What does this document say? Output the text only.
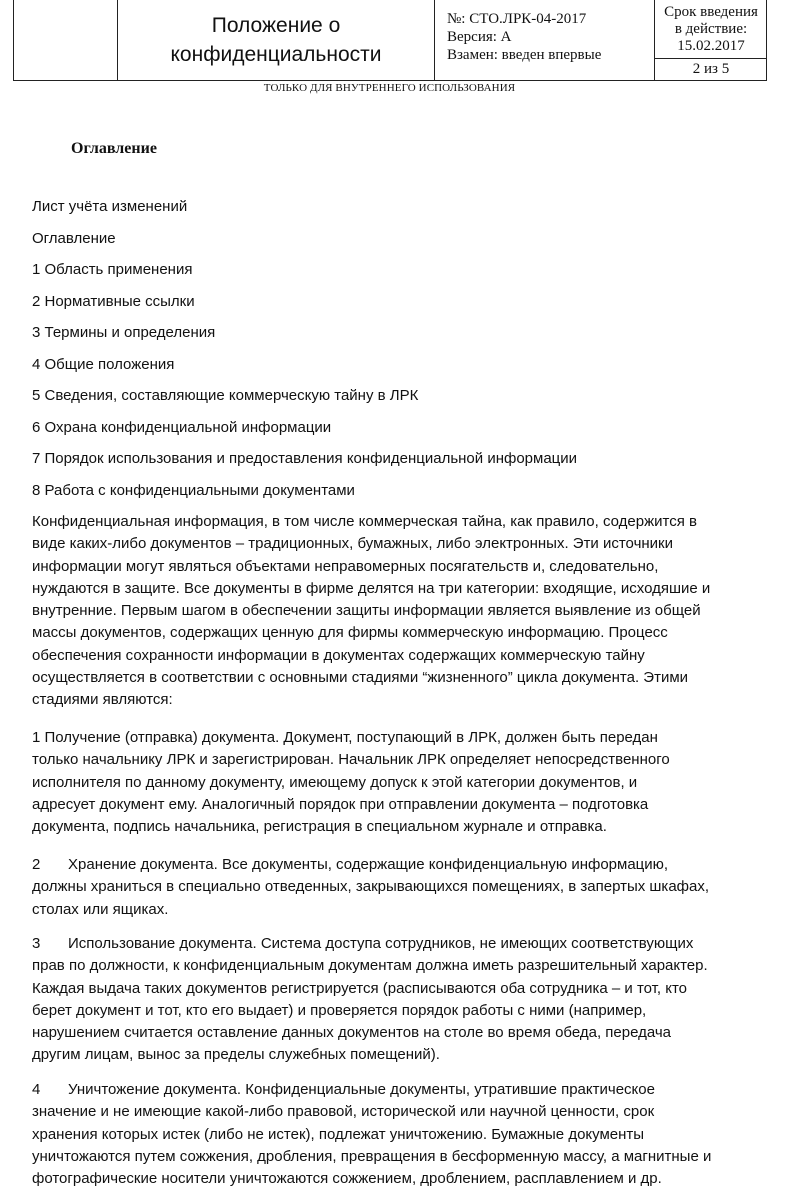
Положение о
конфиденциальности
№: СТО.ЛРК-04-2017
Версия: А
Взамен: введен впервые
Срок введения
в действие:
15.02.2017
2 из 5
ТОЛЬКО ДЛЯ ВНУТРЕННЕГО ИСПОЛЬЗОВАНИЯ
Оглавление
Лист учёта изменений
Оглавление
1 Область применения
2 Нормативные ссылки
3 Термины и определения
4 Общие положения
5 Сведения, составляющие коммерческую тайну в ЛРК
6 Охрана конфиденциальной информации
7 Порядок использования и предоставления конфиденциальной информации
8 Работа с конфиденциальными документами
Конфиденциальная информация, в том числе коммерческая тайна, как правило, содержится в
виде каких-либо документов – традиционных, бумажных, либо электронных. Эти источники
информации могут являться объектами неправомерных посягательств и, следовательно,
нуждаются в защите. Все документы в фирме делятся на три категории: входящие, исходяшие и
внутренние. Первым шагом в обеспечении защиты информации является выявление из общей
массы документов, содержащих ценную для фирмы коммерческую информацию. Процесс
обеспечения сохранности информации в документах содержащих коммерческую тайну
осуществляется в соответствии с основными стадиями “жизненного” цикла документа. Этими
стадиями являются:
1 Получение (отправка) документа. Документ, поступающий в ЛРК, должен быть передан
только начальнику ЛРК и зарегистрирован. Начальник ЛРК определяет непосредственного
исполнителя по данному документу, имеющему допуск к этой категории документов, и
адресует документ ему. Аналогичный порядок при отправлении документа – подготовка
документа, подпись начальника, регистрация в специальном журнале и отправка.
2 Хранение документа. Все документы, содержащие конфиденциальную информацию,
должны храниться в специально отведенных, закрывающихся помещениях, в запертых шкафах,
столах или ящиках.
3 Использование документа. Система доступа сотрудников, не имеющих соответствующих
прав по должности, к конфиденциальным документам должна иметь разрешительный характер.
Каждая выдача таких документов регистрируется (расписываются оба сотрудника – и тот, кто
берет документ и тот, кто его выдает) и проверяется порядок работы с ними (например,
нарушением считается оставление данных документов на столе во время обеда, передача
другим лицам, вынос за пределы служебных помещений).
4 Уничтожение документа. Конфиденциальные документы, утратившие практическое
значение и не имеющие какой-либо правовой, исторической или научной ценности, срок
хранения которых истек (либо не истек), подлежат уничтожению. Бумажные документы
уничтожаются путем сожжения, дробления, превращения в бесформенную массу, а магнитные и
фотографические носители уничтожаются сожжением, дроблением, расплавлением и др.
